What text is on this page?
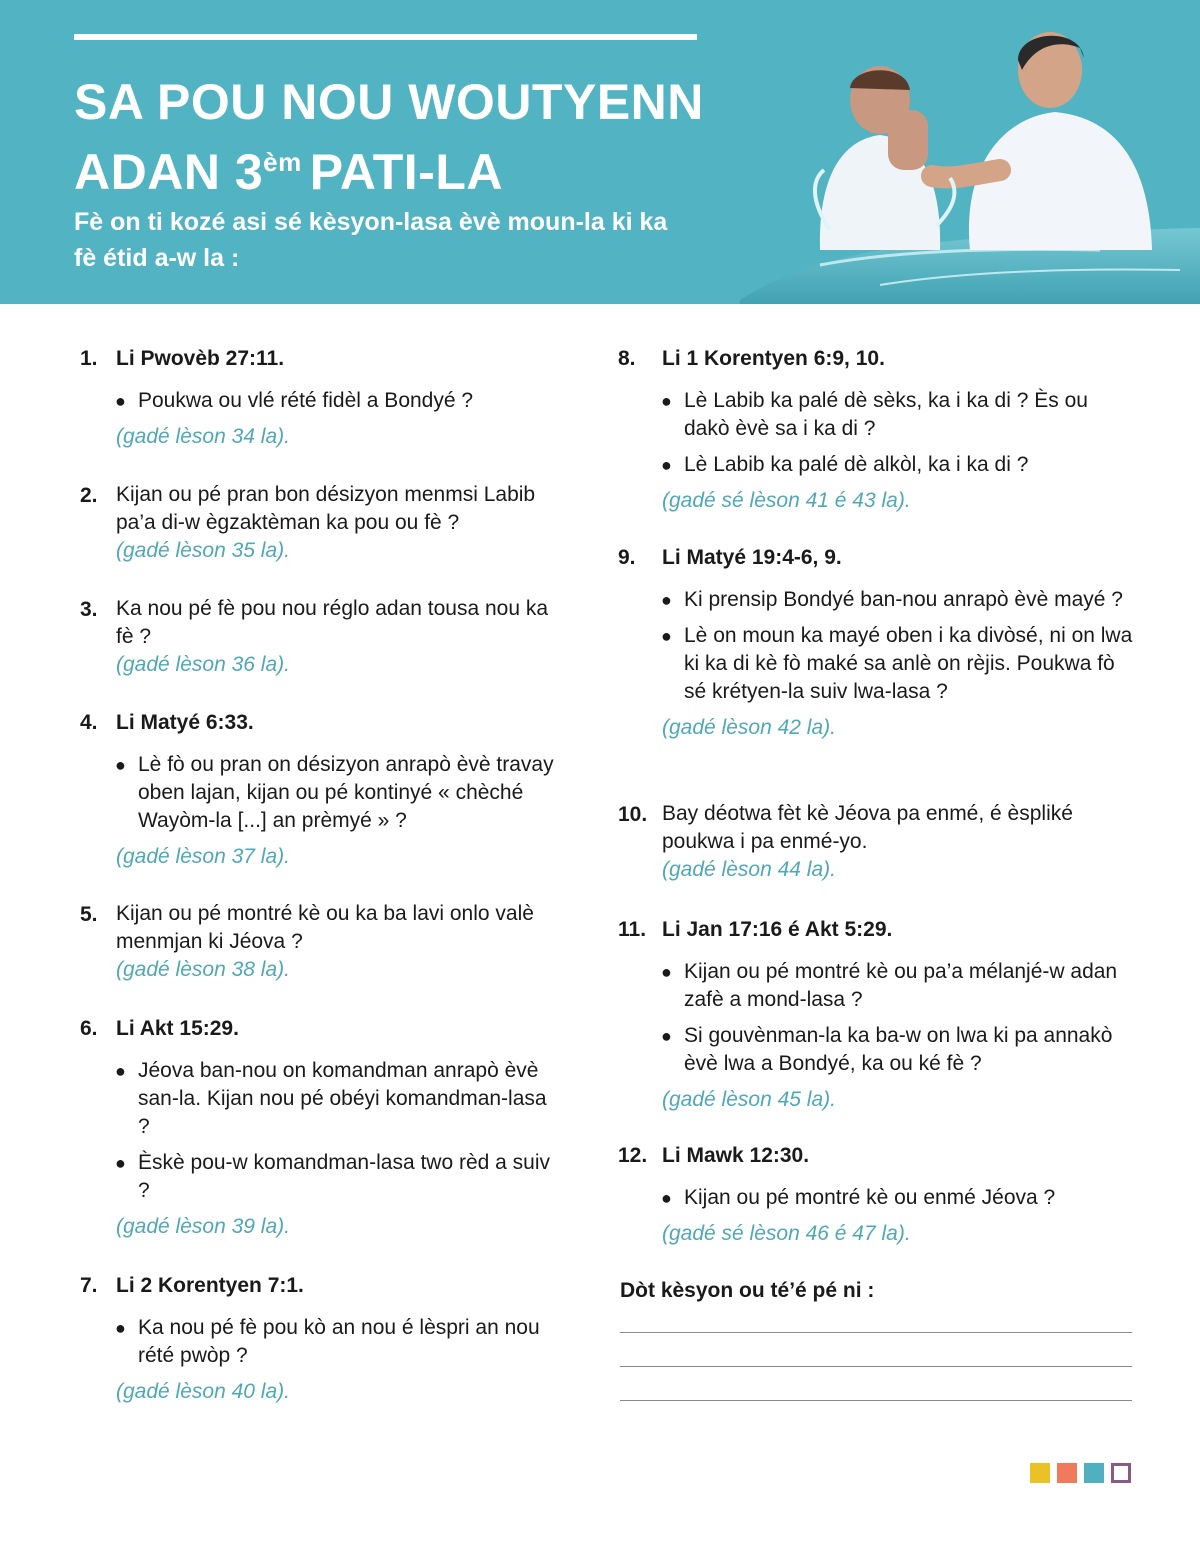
SA POU NOU WOUTYENN
ADAN $3^{èm}$ PATI-LA

Fè on ti kozé asi sé kèsyon-lasa èvè moun-la ki ka fè étid a-w la :

1. Li Pwovèb 27:11.
● Poukwa ou vlé rété fidèl a Bondyé ?
(gadé lèson 34 la).
2. Kijan ou pé pran bon désizyon menmsi Labib pa’a di-w ègzaktèman ka pou ou fè ?
(gadé lèson 35 la).
3. Ka nou pé fè pou nou réglo adan tousa nou ka fè ?
(gadé lèson 36 la).
4. Li Matyé 6:33.
● Lè fò ou pran on désizyon anrapò èvè travay oben lajan, kijan ou pé kontinyé « chèché Wayòm-la [...] an prèmyé » ?
(gadé lèson 37 la).
5. Kijan ou pé montré kè ou ka ba lavi onlo valè menmjan ki Jéova ?
(gadé lèson 38 la).
6. Li Akt 15:29.
● Jéova ban-nou on komandman anrapò èvè san-la. Kijan nou pé obéyi komandman-lasa ?
● Èskè pou-w komandman-lasa two rèd a suiv ?
(gadé lèson 39 la).
7. Li 2 Korentyen 7:1.
● Ka nou pé fè pou kò an nou é lèspri an nou rété pwòp ?
(gadé lèson 40 la).
8. Li 1 Korentyen 6:9, 10.
● Lè Labib ka palé dè sèks, ka i ka di ? Ès ou dakò èvè sa i ka di ?
● Lè Labib ka palé dè alkòl, ka i ka di ?
(gadé sé lèson 41 é 43 la).
9. Li Matyé 19:4-6, 9.
● Ki prensip Bondyé ban-nou anrapò èvè mayé ?
● Lè on moun ka mayé oben i ka divòsé, ni on lwa ki ka di kè fò maké sa anlè on rèjis. Poukwa fò sé krétyen-la suiv lwa-lasa ?
(gadé lèson 42 la).
10. Bay déotwa fèt kè Jéova pa enmé, é èspliké poukwa i pa enmé-yo.
(gadé lèson 44 la).
11. Li Jan 17:16 é Akt 5:29.
● Kijan ou pé montré kè ou pa’a mélanjé-w adan zafè a mond-lasa ?
● Si gouvènman-la ka ba-w on lwa ki pa annakò èvè lwa a Bondyé, ka ou ké fè ?
(gadé lèson 45 la).
12. Li Mawk 12:30.
● Kijan ou pé montré kè ou enmé Jéova ?
(gadé sé lèson 46 é 47 la).
Dòt kèsyon ou té’é pé ni :
